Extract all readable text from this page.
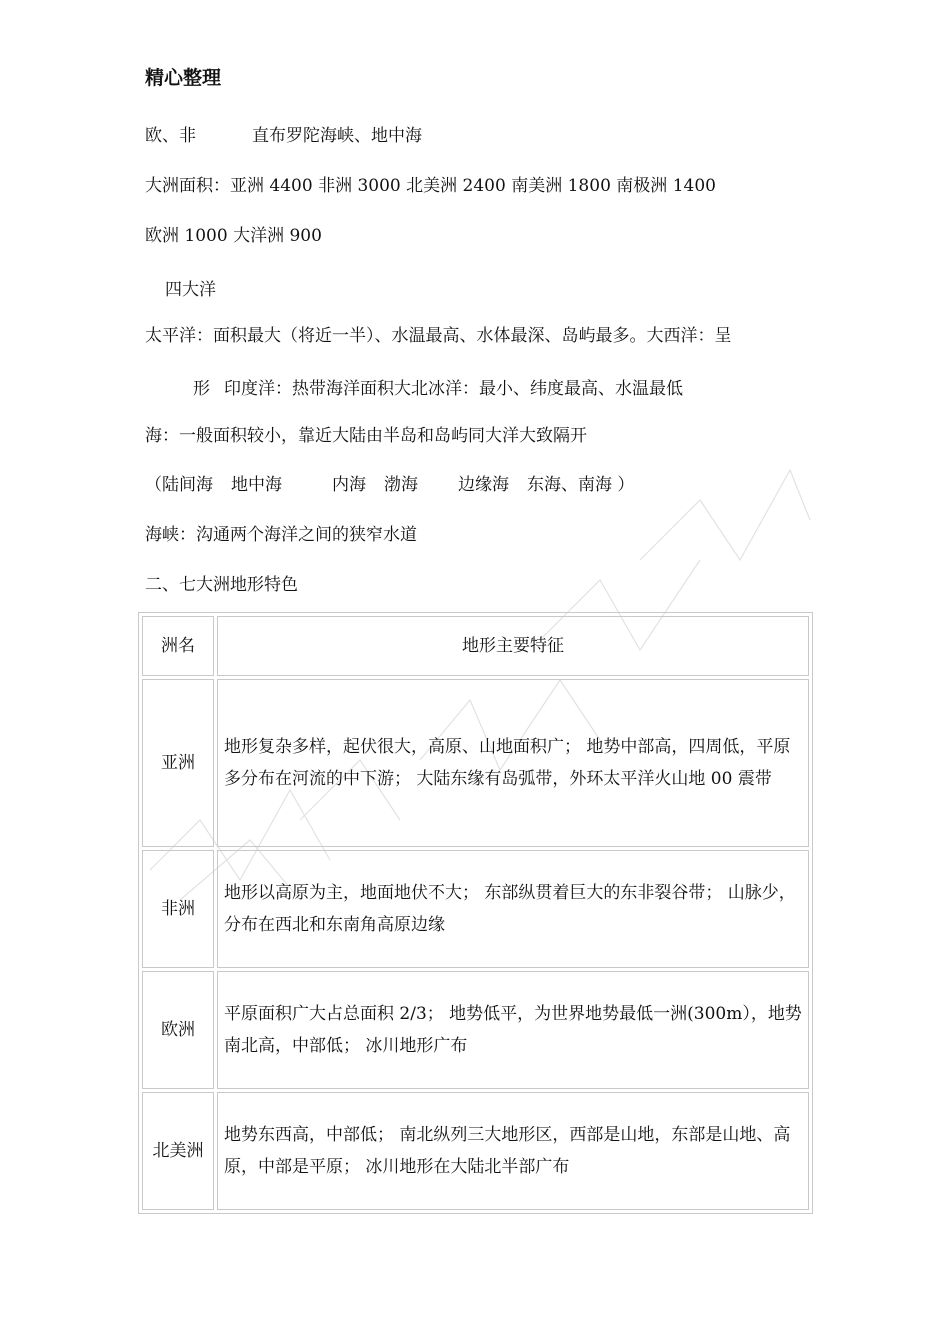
精心整理
欧、非	直布罗陀海峡、地中海
大洲面积：亚洲 4400 非洲 3000 北美洲 2400 南美洲 1800 南极洲 1400
欧洲 1000 大洋洲 900
四大洋
太平洋：面积最大（将近一半）、水温最高、水体最深、岛屿最多。大西洋：呈
形 印度洋：热带海洋面积大北冰洋：最小、纬度最高、水温最低
海：一般面积较小，靠近大陆由半岛和岛屿同大洋大致隔开
（陆间海 地中海	内海 渤海 边缘海 东海、南海 ）
海峡：沟通两个海洋之间的狭窄水道
二、七大洲地形特色
洲名	地形主要特征
亚洲	地形复杂多样，起伏很大，高原、山地面积广； 地势中部高，四周低，平原多分布在河流的中下游； 大陆东缘有岛弧带，外环太平洋火山地 00 震带
非洲	地形以高原为主，地面地伏不大； 东部纵贯着巨大的东非裂谷带； 山脉少，分布在西北和东南角高原边缘
欧洲	平原面积广大占总面积 2/3； 地势低平，为世界地势最低一洲(300m），地势南北高，中部低； 冰川地形广布
北美洲	地势东西高，中部低； 南北纵列三大地形区，西部是山地，东部是山地、高原，中部是平原； 冰川地形在大陆北半部广布
